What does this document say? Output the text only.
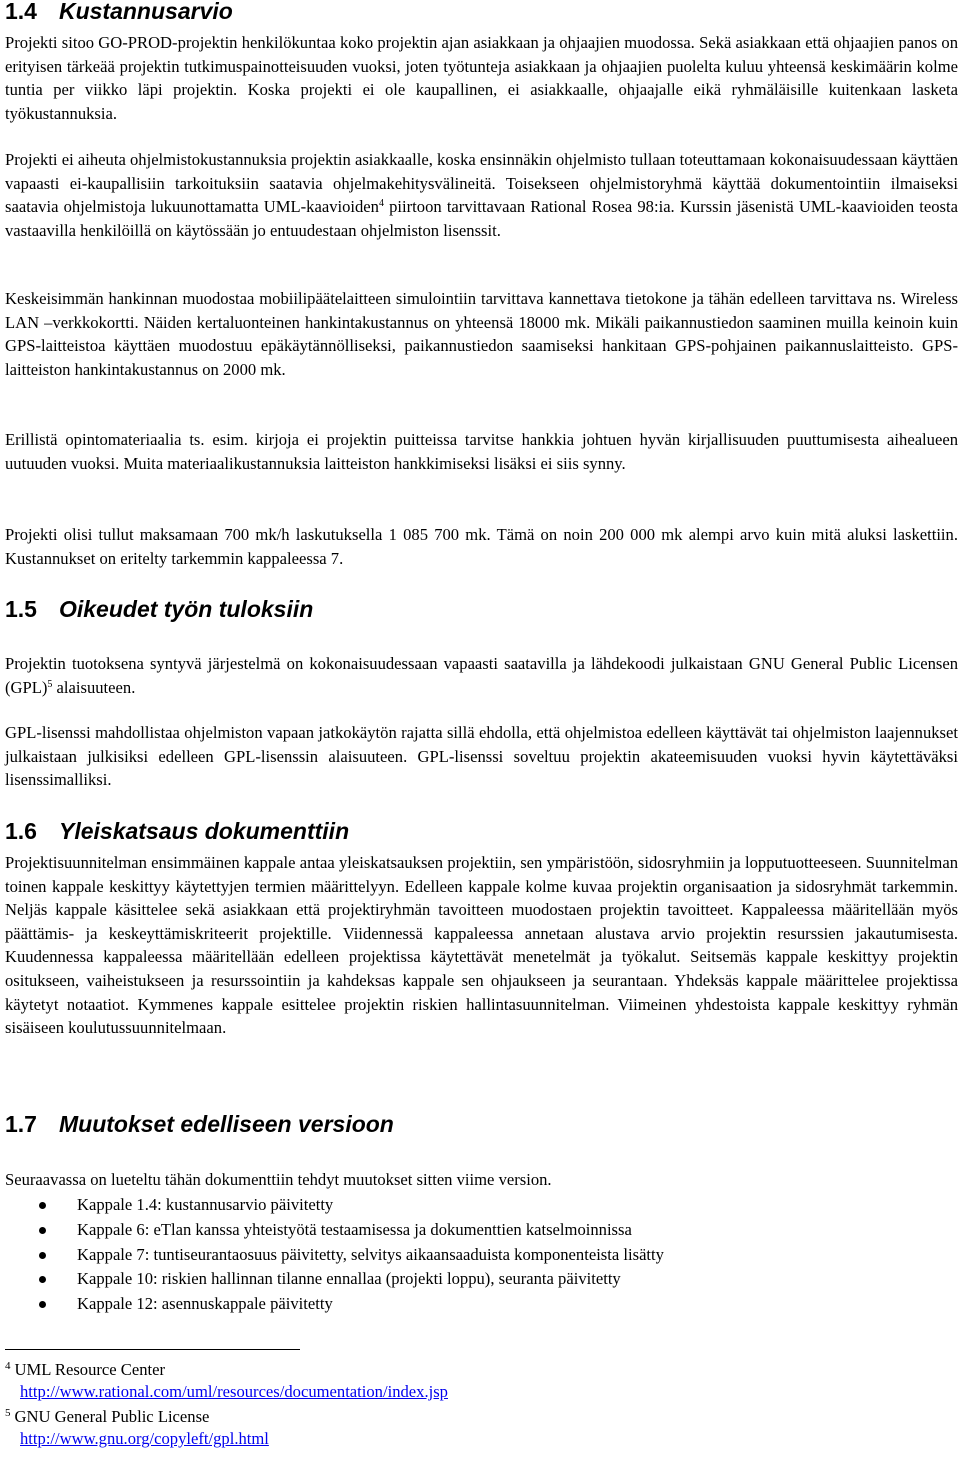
1.4 Kustannusarvio

Projekti sitoo GO-PROD-projektin henkilökuntaa koko projektin ajan asiakkaan ja ohjaajien muodossa. Sekä asiakkaan että ohjaajien panos on erityisen tärkeää projektin tutkimuspainotteisuuden vuoksi, joten työtunteja asiakkaan ja ohjaajien puolelta kuluu yhteensä keskimäärin kolme tuntia per viikko läpi projektin. Koska projekti ei ole kaupallinen, ei asiakkaalle, ohjaajalle eikä ryhmäläisille kuitenkaan lasketa työkustannuksia.

Projekti ei aiheuta ohjelmistokustannuksia projektin asiakkaalle, koska ensinnäkin ohjelmisto tullaan toteuttamaan kokonaisuudessaan käyttäen vapaasti ei-kaupallisiin tarkoituksiin saatavia ohjelmakehitysvälineitä. Toisekseen ohjelmistoryhmä käyttää dokumentointiin ilmaiseksi saatavia ohjelmistoja lukuunottamatta UML-kaavioiden$^4$ piirtoon tarvittavaan Rational Rosea 98:ia. Kurssin jäsenistä UML-kaavioiden teosta vastaavilla henkilöillä on käytössään jo entuudestaan ohjelmiston lisenssit.

Keskeisimmän hankinnan muodostaa mobiilipäätelaitteen simulointiin tarvittava kannettava tietokone ja tähän edelleen tarvittava ns. Wireless LAN –verkkokortti. Näiden kertaluonteinen hankintakustannus on yhteensä 18000 mk. Mikäli paikannustiedon saaminen muilla keinoin kuin GPS-laitteistoa käyttäen muodostuu epäkäytännölliseksi, paikannustiedon saamiseksi hankitaan GPS-pohjainen paikannuslaitteisto. GPS-laitteiston hankintakustannus on 2000 mk.

Erillistä opintomateriaalia ts. esim. kirjoja ei projektin puitteissa tarvitse hankkia johtuen hyvän kirjallisuuden puuttumisesta aihealueen uutuuden vuoksi. Muita materiaalikustannuksia laitteiston hankkimiseksi lisäksi ei siis synny.

Projekti olisi tullut maksamaan 700 mk/h laskutuksella 1 085 700 mk. Tämä on noin 200 000 mk alempi arvo kuin mitä aluksi laskettiin. Kustannukset on eritelty tarkemmin kappaleessa 7.

1.5 Oikeudet työn tuloksiin

Projektin tuotoksena syntyvä järjestelmä on kokonaisuudessaan vapaasti saatavilla ja lähdekoodi julkaistaan GNU General Public Licensen (GPL)$^5$ alaisuuteen.

GPL-lisenssi mahdollistaa ohjelmiston vapaan jatkokäytön rajatta sillä ehdolla, että ohjelmistoa edelleen käyttävät tai ohjelmiston laajennukset julkaistaan julkisiksi edelleen GPL-lisenssin alaisuuteen. GPL-lisenssi soveltuu projektin akateemisuuden vuoksi hyvin käytettäväksi lisenssimalliksi.

1.6 Yleiskatsaus dokumenttiin

Projektisuunnitelman ensimmäinen kappale antaa yleiskatsauksen projektiin, sen ympäristöön, sidosryhmiin ja lopputuotteeseen. Suunnitelman toinen kappale keskittyy käytettyjen termien määrittelyyn. Edelleen kappale kolme kuvaa projektin organisaation ja sidosryhmät tarkemmin. Neljäs kappale käsittelee sekä asiakkaan että projektiryhmän tavoitteen muodostaen projektin tavoitteet. Kappaleessa määritellään myös päättämis- ja keskeyttämiskriteerit projektille. Viidennessä kappaleessa annetaan alustava arvio projektin resurssien jakautumisesta. Kuudennessa kappaleessa määritellään edelleen projektissa käytettävät menetelmät ja työkalut. Seitsemäs kappale keskittyy projektin ositukseen, vaiheistukseen ja resurssointiin ja kahdeksas kappale sen ohjaukseen ja seurantaan. Yhdeksäs kappale määrittelee projektissa käytetyt notaatiot. Kymmenes kappale esittelee projektin riskien hallintasuunnitelman. Viimeinen yhdestoista kappale keskittyy ryhmän sisäiseen koulutussuunnitelmaan.

1.7 Muutokset edelliseen versioon

Seuraavassa on lueteltu tähän dokumenttiin tehdyt muutokset sitten viime version.

Kappale 1.4: kustannusarvio päivitetty
Kappale 6: eTlan kanssa yhteistyötä testaamisessa ja dokumenttien katselmoinnissa
Kappale 7: tuntiseurantaosuus päivitetty, selvitys aikaansaaduista komponenteista lisätty
Kappale 10: riskien hallinnan tilanne ennallaa (projekti loppu), seuranta päivitetty
Kappale 12: asennuskappale päivitetty
$^4$ UML Resource Center
http://www.rational.com/uml/resources/documentation/index.jsp
$^5$ GNU General Public License
http://www.gnu.org/copyleft/gpl.html
